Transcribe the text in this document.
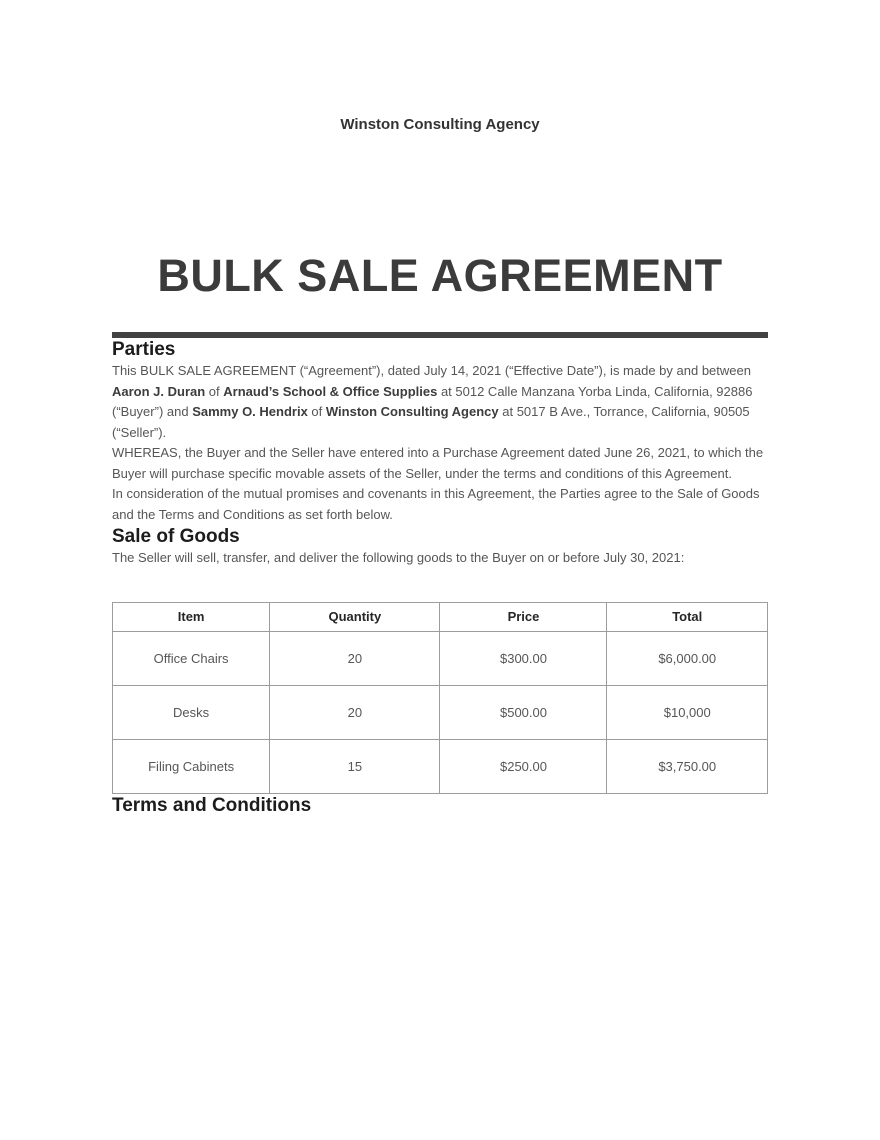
Winston Consulting Agency
BULK SALE AGREEMENT
Parties

This BULK SALE AGREEMENT (“Agreement”), dated July 14, 2021 (“Effective Date”), is made by and between Aaron J. Duran of Arnaud’s School & Office Supplies at 5012 Calle Manzana Yorba Linda, California, 92886 (“Buyer”) and Sammy O. Hendrix of Winston Consulting Agency at 5017 B Ave., Torrance, California, 90505 (“Seller”).

WHEREAS, the Buyer and the Seller have entered into a Purchase Agreement dated June 26, 2021, to which the Buyer will purchase specific movable assets of the Seller, under the terms and conditions of this Agreement.

In consideration of the mutual promises and covenants in this Agreement, the Parties agree to the Sale of Goods and the Terms and Conditions as set forth below.

Sale of Goods

The Seller will sell, transfer, and deliver the following goods to the Buyer on or before July 30, 2021:

Item	Quantity	Price	Total
Office Chairs	20	$300.00	$6,000.00
Desks	20	$500.00	$10,000
Filing Cabinets	15	$250.00	$3,750.00
Terms and Conditions
